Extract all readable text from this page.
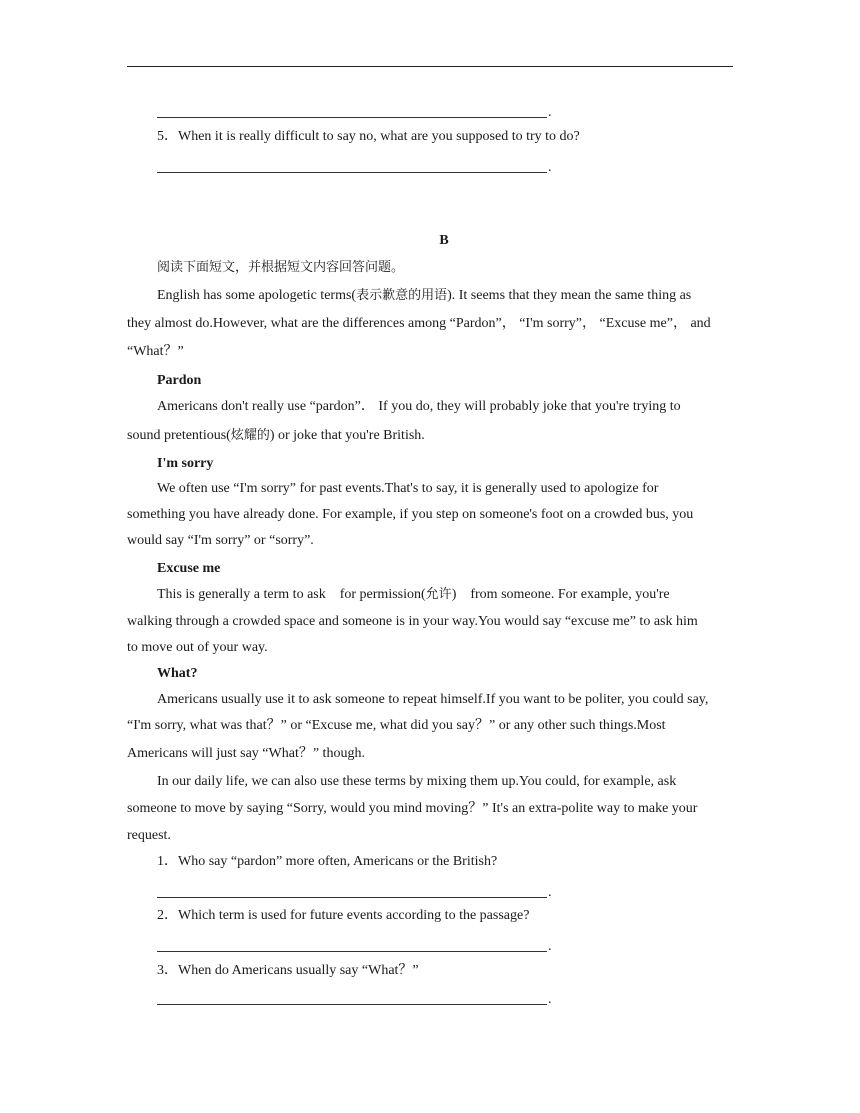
.
5．When it is really difficult to say no, what are you supposed to try to do?
.
B
阅读下面短文，并根据短文内容回答问题。
English has some apologetic terms(表示歉意的用语). It seems that they mean the same thing as
they almost do.However, what are the differences among “Pardon”， “I'm sorry”， “Excuse me”， and
“What？”
Pardon
Americans don't really use “pardon”． If you do, they will probably joke that you're trying to
sound pretentious(炫耀的) or joke that you're British.
I'm sorry
We often use “I'm sorry” for past events.That's to say, it is generally used to apologize for
something you have already done. For example, if you step on someone's foot on a crowded bus, you
would say “I'm sorry” or “sorry”.
Excuse me
This is generally a term to ask　for permission(允许)　from someone. For example, you're
walking through a crowded space and someone is in your way.You would say “excuse me” to ask him
to move out of your way.
What?
Americans usually use it to ask someone to repeat himself.If you want to be politer, you could say,
“I'm sorry, what was that？” or “Excuse me, what did you say？” or any other such things.Most
Americans will just say “What？” though.
In our daily life, we can also use these terms by mixing them up.You could, for example, ask
someone to move by saying “Sorry, would you mind moving？” It's an extra-polite way to make your
request.
1．Who say “pardon” more often, Americans or the British?
.
2．Which term is used for future events according to the passage?
.
3．When do Americans usually say “What？”
.
